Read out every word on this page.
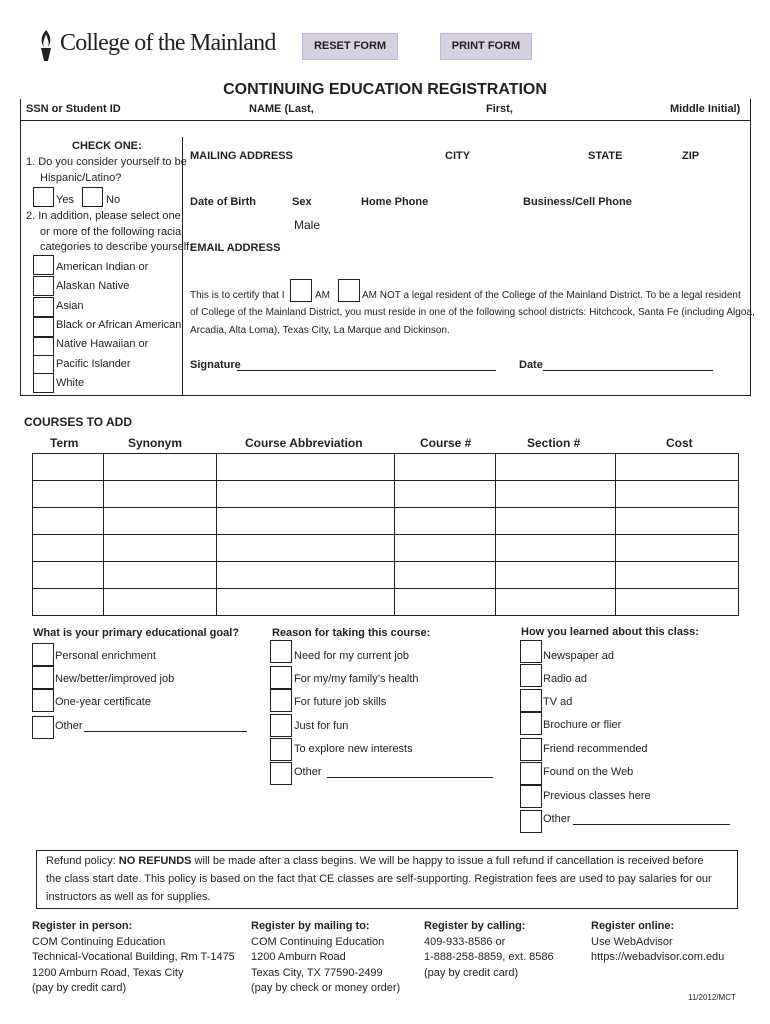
College of the Mainland	RESET FORM	PRINT FORM
CONTINUING EDUCATION REGISTRATION
SSN or Student ID	NAME (Last,	First,	Middle Initial)
CHECK ONE:
1. Do you consider yourself to be
Hispanic/Latino?
Yes	No
2. In addition, please select one
or more of the following racial
categories to describe yourself:
American Indian or
Alaskan Native
Asian
Black or African American
Native Hawaiian or
Pacific Islander
White
MAILING ADDRESS	CITY	STATE	ZIP
Date of Birth	Sex
Male
Home Phone	Business/Cell Phone
EMAIL ADDRESS
This is to certify that I	AM	AM NOT a legal resident of the College of the Mainland District. To be a legal resident
of College of the Mainland District, you must reside in one of the following school districts: Hitchcock, Santa Fe (including Algoa,
Arcadia, Alta Loma), Texas City, La Marque and Dickinson.
Signature	Date
COURSES TO ADD
Term	Synonym	Course Abbreviation	Course #	Section #	Cost

What is your primary educational goal?
Personal enrichment
New/better/improved job
One-year certificate
Other
Reason for taking this course:
Need for my current job
For my/my family’s health
For future job skills
Just for fun
To explore new interests
Other
How you learned about this class:
Newspaper ad
Radio ad
TV ad
Brochure or flier
Friend recommended
Found on the Web
Previous classes here
Other
Refund policy: NO REFUNDS will be made after a class begins. We will be happy to issue a full refund if cancellation is received before
the class start date. This policy is based on the fact that CE classes are self-supporting. Registration fees are used to pay salaries for our
instructors as well as for supplies.
Register in person:
COM Continuing Education
Technical-Vocational Building, Rm T-1475
1200 Amburn Road, Texas City
(pay by credit card)
Register by mailing to:
COM Continuing Education
1200 Amburn Road
Texas City, TX 77590-2499
(pay by check or money order)
Register by calling:
409-933-8586 or
1-888-258-8859, ext. 8586
(pay by credit card)
Register online:
Use WebAdvisor
https://webadvisor.com.edu
11/2012/MCT
